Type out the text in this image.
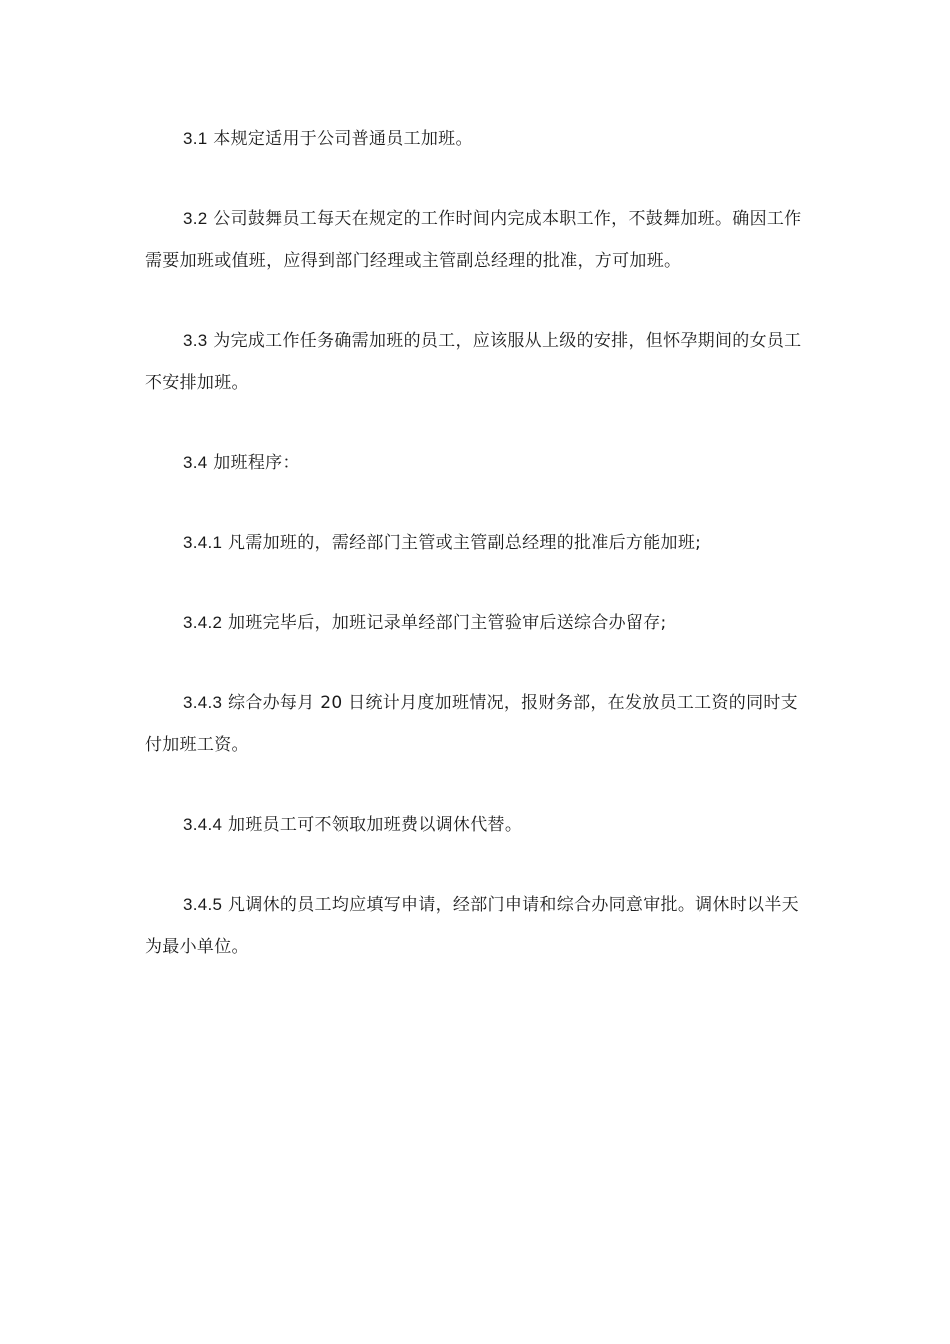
3.1 本规定适用于公司普通员工加班。

3.2 公司鼓舞员工每天在规定的工作时间内完成本职工作，不鼓舞加班。确因工作需要加班或值班，应得到部门经理或主管副总经理的批准，方可加班。

3.3 为完成工作任务确需加班的员工，应该服从上级的安排，但怀孕期间的女员工不安排加班。

3.4 加班程序：

3.4.1 凡需加班的，需经部门主管或主管副总经理的批准后方能加班;

3.4.2 加班完毕后，加班记录单经部门主管验审后送综合办留存;

3.4.3 综合办每月 20 日统计月度加班情况，报财务部，在发放员工工资的同时支付加班工资。

3.4.4 加班员工可不领取加班费以调休代替。

3.4.5 凡调休的员工均应填写申请，经部门申请和综合办同意审批。调休时以半天为最小单位。
